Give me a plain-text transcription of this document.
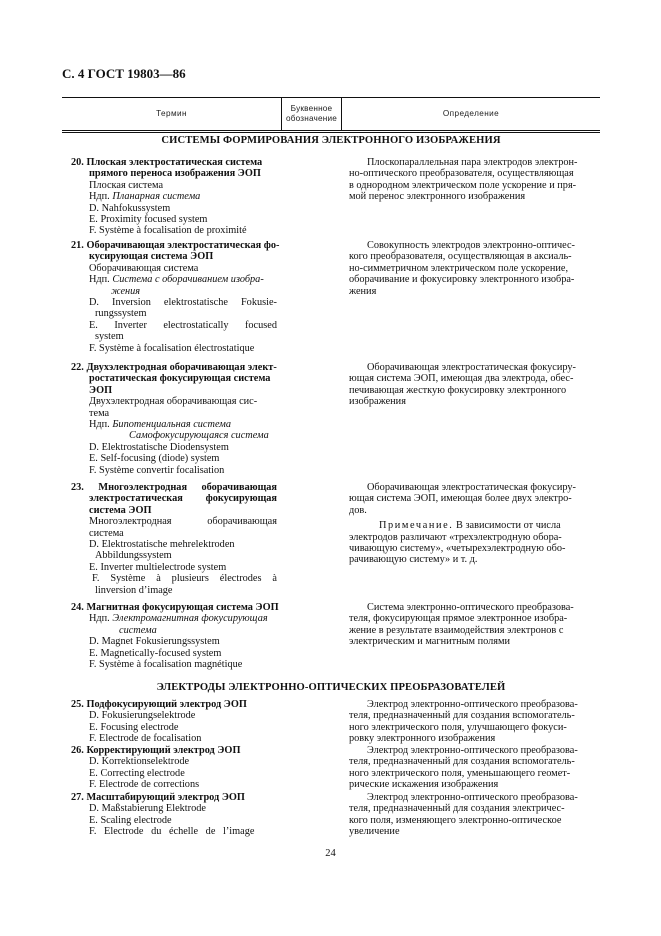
С. 4 ГОСТ 19803—86
Термин
Буквенное
обозначение
Определение
СИСТЕМЫ ФОРМИРОВАНИЯ ЭЛЕКТРОННОГО ИЗОБРАЖЕНИЯ
20. Плоская электростатическая система
прямого переноса изображения ЭОП
Плоская система
Ндп. Планарная система
D. Nahfokussystem
E. Proximity focused system
F. Système à focalisation de proximité
21. Оборачивающая электростатическая фо-
кусирующая система ЭОП
Оборачивающая система
Ндп. Система с оборачиванием изобра-
жения
D. Inversion elektrostatische Fokusie-
rungssystem
E. Inverter electrostatically focused
system
F. Système à focalisation électrostatique
22. Двухэлектродная оборачивающая элект-
ростатическая фокусирующая система
ЭОП
Двухэлектродная оборачивающая сис-
тема
Ндп. Бипотенциальная система
Самофокусирующаяся система
D. Elektrostatische Diodensystem
E. Self-focusing (diode) system
F. Système convertir focalisation
23. Многоэлектродная оборачивающая
электростатическая фокусирующая
система ЭОП
Многоэлектродная оборачивающая
система
D. Elektrostatische mehrelektroden
Abbildungssystem
E. Inverter multielectrode system
F. Système à plusieurs électrodes à
linversion d’image
24. Магнитная фокусирующая система ЭОП
Ндп. Электромагнитная фокусирующая
система
D. Magnet Fokusierungssystem
E. Magnetically-focused system
F. Système à focalisation magnétique
ЭЛЕКТРОДЫ ЭЛЕКТРОННО-ОПТИЧЕСКИХ ПРЕОБРАЗОВАТЕЛЕЙ
25. Подфокусирующий электрод ЭОП
D. Fokusierungselektrode
E. Focusing electrode
F. Electrode de focalisation
26. Корректирующий электрод ЭОП
D. Korrektionselektrode
E. Correcting electrode
F. Electrode de corrections
27. Масштабирующий электрод ЭОП
D. Maßstabierung Elektrode
E. Scaling electrode
F. Electrode du échelle de l’image
Плоскопараллельная пара электродов электрон-
но-оптического преобразователя, осуществляющая
в однородном электрическом поле ускорение и пря-
мой перенос электронного изображения
Совокупность электродов электронно-оптичес-
кого преобразователя, осуществляющая в аксиаль-
но-симметричном электрическом поле ускорение,
оборачивание и фокусировку электронного изобра-
жения
Оборачивающая электростатическая фокусиру-
ющая система ЭОП, имеющая два электрода, обес-
печивающая жесткую фокусировку электронного
изображения
Оборачивающая электростатическая фокусиру-
ющая система ЭОП, имеющая более двух электро-
дов.
Примечание. В зависимости от числа
электродов различают «трехэлектродную обора-
чивающую систему», «четырехэлектродную обо-
рачивающую систему» и т. д.
Система электронно-оптического преобразова-
теля, фокусирующая прямое электронное изобра-
жение в результате взаимодействия электронов с
электрическим и магнитным полями
Электрод электронно-оптического преобразова-
теля, предназначенный для создания вспомогатель-
ного электрического поля, улучшающего фокуси-
ровку электронного изображения
Электрод электронно-оптического преобразова-
теля, предназначенный для создания вспомогатель-
ного электрического поля, уменьшающего геомет-
рические искажения изображения
Электрод электронно-оптического преобразова-
теля, предназначенный для создания электричес-
кого поля, изменяющего электронно-оптическое
увеличение
24
